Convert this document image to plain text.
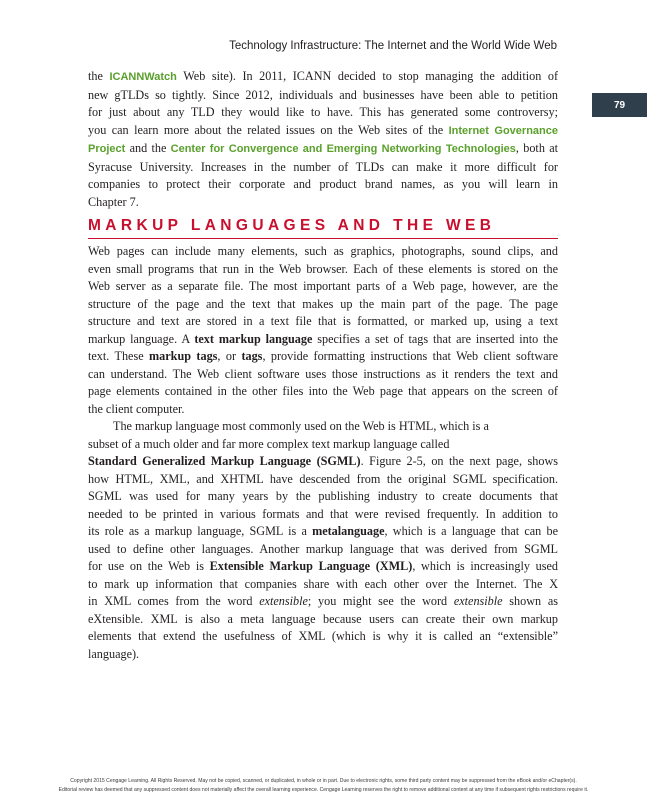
Technology Infrastructure: The Internet and the World Wide Web
79
the ICANNWatch Web site). In 2011, ICANN decided to stop managing the addition of
new gTLDs so tightly. Since 2012, individuals and businesses have been able to petition
for just about any TLD they would like to have. This has generated some controversy;
you can learn more about the related issues on the Web sites of the Internet Governance
Project and the Center for Convergence and Emerging Networking Technologies, both at
Syracuse University. Increases in the number of TLDs can make it more difficult for
companies to protect their corporate and product brand names, as you will learn in
Chapter 7.
MARKUP LANGUAGES AND THE WEB
Web pages can include many elements, such as graphics, photographs, sound clips, and
even small programs that run in the Web browser. Each of these elements is stored on the
Web server as a separate file. The most important parts of a Web page, however, are the
structure of the page and the text that makes up the main part of the page. The page
structure and text are stored in a text file that is formatted, or marked up, using a text
markup language. A text markup language specifies a set of tags that are inserted into the
text. These markup tags, or tags, provide formatting instructions that Web client software
can understand. The Web client software uses those instructions as it renders the text and
page elements contained in the other files into the Web page that appears on the screen of
the client computer.
The markup language most commonly used on the Web is HTML, which is a
subset of a much older and far more complex text markup language called
Standard Generalized Markup Language (SGML). Figure 2-5, on the next page, shows
how HTML, XML, and XHTML have descended from the original SGML specification.
SGML was used for many years by the publishing industry to create documents that
needed to be printed in various formats and that were revised frequently. In addition to
its role as a markup language, SGML is a metalanguage, which is a language that can be
used to define other languages. Another markup language that was derived from SGML
for use on the Web is Extensible Markup Language (XML), which is increasingly used
to mark up information that companies share with each other over the Internet. The X
in XML comes from the word extensible; you might see the word extensible shown as
eXtensible. XML is also a meta language because users can create their own markup
elements that extend the usefulness of XML (which is why it is called an “extensible”
language).
Copyright 2015 Cengage Learning. All Rights Reserved. May not be copied, scanned, or duplicated, in whole or in part. Due to electronic rights, some third party content may be suppressed from the eBook and/or eChapter(s).
Editorial review has deemed that any suppressed content does not materially affect the overall learning experience. Cengage Learning reserves the right to remove additional content at any time if subsequent rights restrictions require it.
